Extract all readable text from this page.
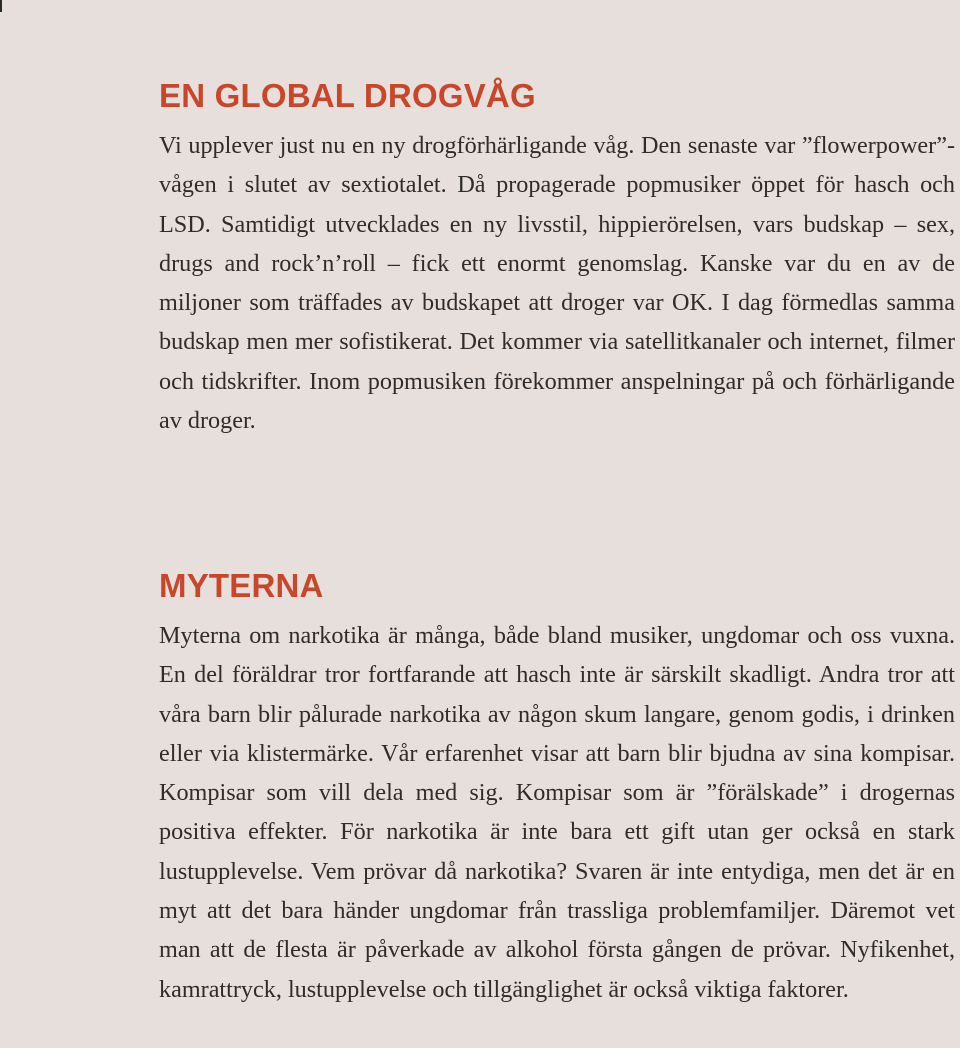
EN GLOBAL DROGVÅG

Vi upplever just nu en ny drogförhärligande våg. Den senaste var ”flowerpower”-vågen i slutet av sextiotalet. Då propagerade popmusiker öppet för hasch och LSD. Samtidigt utvecklades en ny livsstil, hippierörelsen, vars budskap – sex, drugs and rock’n’roll – fick ett enormt genomslag. Kanske var du en av de miljoner som träffades av budskapet att droger var OK. I dag förmedlas samma budskap men mer sofistikerat. Det kommer via satellitkanaler och internet, filmer och tidskrifter. Inom popmusiken förekommer anspelningar på och förhärligande av droger.

MYTERNA

Myterna om narkotika är många, både bland musiker, ungdomar och oss vuxna. En del föräldrar tror fortfarande att hasch inte är särskilt skadligt. Andra tror att våra barn blir pålurade narkotika av någon skum langare, genom godis, i drinken eller via klistermärke. Vår erfarenhet visar att barn blir bjudna av sina kompisar. Kompisar som vill dela med sig. Kompisar som är ”förälskade” i drogernas positiva effekter. För narkotika är inte bara ett gift utan ger också en stark lustupplevelse. Vem prövar då narkotika? Svaren är inte entydiga, men det är en myt att det bara händer ungdomar från trassliga problemfamiljer. Däremot vet man att de flesta är påverkade av alkohol första gången de prövar. Nyfikenhet, kamrattryck, lustupplevelse och tillgänglighet är också viktiga faktorer.
